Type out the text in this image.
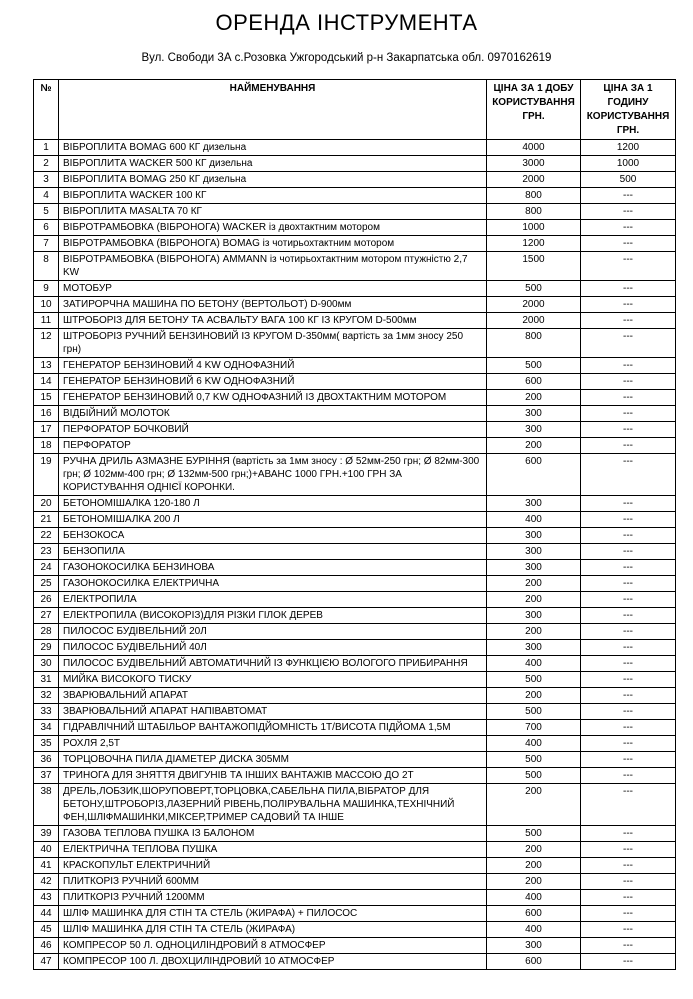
ОРЕНДА ІНСТРУМЕНТА
Вул. Свободи 3А с.Розовка Ужгородський р-н Закарпатська обл. 0970162619
№	НАЙМЕНУВАННЯ	ЦІНА ЗА 1 ДОБУ КОРИСТУВАННЯ ГРН.	ЦІНА ЗА 1 ГОДИНУ КОРИСТУВАННЯ ГРН.
1	ВІБРОПЛИТА BOMAG 600 КГ дизельна	4000	1200
2	ВІБРОПЛИТА WACKER 500 КГ дизельна	3000	1000
3	ВІБРОПЛИТА BOMAG 250 КГ дизельна	2000	500
4	ВІБРОПЛИТА WACKER 100 КГ	800	---
5	ВІБРОПЛИТА MASALTA 70 КГ	800	---
6	ВІБРОТРАМБОВКА (ВІБРОНОГА) WACKER із двохтактним мотором	1000	---
7	ВІБРОТРАМБОВКА (ВІБРОНОГА) BOMAG із чотирьохтактним мотором	1200	---
8	ВІБРОТРАМБОВКА (ВІБРОНОГА) AMMANN із чотирьохтактним мотором птужністю 2,7 KW	1500	---
9	МОТОБУР	500	---
10	ЗАТИРОРЧНА МАШИНА ПО БЕТОНУ (ВЕРТОЛЬОТ) D-900мм	2000	---
11	ШТРОБОРІЗ ДЛЯ БЕТОНУ ТА АСВАЛЬТУ ВАГА 100 КГ ІЗ КРУГОМ D-500мм	2000	---
12	ШТРОБОРІЗ РУЧНИЙ БЕНЗИНОВИЙ ІЗ КРУГОМ D-350мм( вартість за 1мм зносу 250 грн)	800	---
13	ГЕНЕРАТОР БЕНЗИНОВИЙ 4 KW ОДНОФАЗНИЙ	500	---
14	ГЕНЕРАТОР БЕНЗИНОВИЙ 6 KW ОДНОФАЗНИЙ	600	---
15	ГЕНЕРАТОР БЕНЗИНОВИЙ 0,7 KW ОДНОФАЗНИЙ ІЗ ДВОХТАКТНИМ МОТОРОМ	200	---
16	ВІДБІЙНИЙ МОЛОТОК	300	---
17	ПЕРФОРАТОР БОЧКОВИЙ	300	---
18	ПЕРФОРАТОР	200	---
19	РУЧНА ДРИЛЬ АЗМАЗНЕ БУРІННЯ (вартість за 1мм зносу : Ø 52мм-250 грн; Ø 82мм-300 грн; Ø 102мм-400 грн; Ø 132мм-500 грн;)+АВАНС 1000 ГРН.+100 ГРН ЗА КОРИСТУВАННЯ ОДНІЄЇ КОРОНКИ.	600	---
20	БЕТОНОМІШАЛКА 120-180 Л	300	---
21	БЕТОНОМІШАЛКА 200 Л	400	---
22	БЕНЗОКОСА	300	---
23	БЕНЗОПИЛА	300	---
24	ГАЗОНОКОСИЛКА БЕНЗИНОВА	300	---
25	ГАЗОНОКОСИЛКА ЕЛЕКТРИЧНА	200	---
26	ЕЛЕКТРОПИЛА	200	---
27	ЕЛЕКТРОПИЛА (ВИСОКОРІЗ)ДЛЯ РІЗКИ ГІЛОК ДЕРЕВ	300	---
28	ПИЛОСОС БУДІВЕЛЬНИЙ 20Л	200	---
29	ПИЛОСОС БУДІВЕЛЬНИЙ 40Л	300	---
30	ПИЛОСОС БУДІВЕЛЬНИЙ АВТОМАТИЧНИЙ ІЗ ФУНКЦІЄЮ ВОЛОГОГО ПРИБИРАННЯ	400	---
31	МИЙКА ВИСОКОГО ТИСКУ	500	---
32	ЗВАРЮВАЛЬНИЙ АПАРАТ	200	---
33	ЗВАРЮВАЛЬНИЙ АПАРАТ НАПІВАВТОМАТ	500	---
34	ГІДРАВЛІЧНИЙ ШТАБІЛЬОР ВАНТАЖОПІДЙОМНІСТЬ 1Т/ВИСОТА ПІДЙОМА 1,5М	700	---
35	РОХЛЯ 2,5Т	400	---
36	ТОРЦОВОЧНА ПИЛА ДІАМЕТЕР ДИСКА 305ММ	500	---
37	ТРИНОГА ДЛЯ ЗНЯТТЯ ДВИГУНІВ ТА ІНШИХ ВАНТАЖІВ МАССОЮ ДО 2Т	500	---
38	ДРЕЛЬ,ЛОБЗИК,ШОРУПОВЕРТ,ТОРЦОВКА,САБЕЛЬНА ПИЛА,ВІБРАТОР ДЛЯ БЕТОНУ,ШТРОБОРІЗ,ЛАЗЕРНИЙ РІВЕНЬ,ПОЛІРУВАЛЬНА МАШИНКА,ТЕХНІЧНИЙ ФЕН,ШЛІФМАШИНКИ,МІКСЕР,ТРИМЕР САДОВИЙ ТА ІНШЕ	200	---
39	ГАЗОВА ТЕПЛОВА ПУШКА ІЗ БАЛОНОМ	500	---
40	ЕЛЕКТРИЧНА ТЕПЛОВА ПУШКА	200	---
41	КРАСКОПУЛЬТ ЕЛЕКТРИЧНИЙ	200	---
42	ПЛИТКОРІЗ РУЧНИЙ 600ММ	200	---
43	ПЛИТКОРІЗ РУЧНИЙ 1200ММ	400	---
44	ШЛІФ МАШИНКА ДЛЯ СТІН ТА СТЕЛЬ (ЖИРАФА) + ПИЛОСОС	600	---
45	ШЛІФ МАШИНКА ДЛЯ СТІН ТА СТЕЛЬ (ЖИРАФА)	400	---
46	КОМПРЕСОР 50 Л. ОДНОЦИЛІНДРОВИЙ 8 АТМОСФЕР	300	---
47	КОМПРЕСОР 100 Л. ДВОХЦИЛІНДРОВИЙ 10 АТМОСФЕР	600	---
